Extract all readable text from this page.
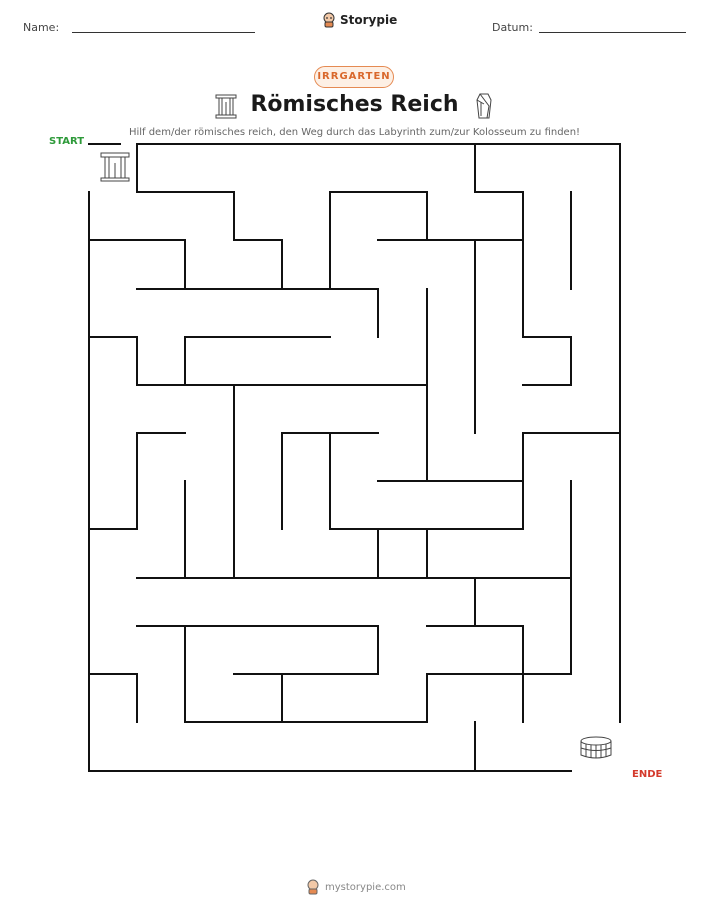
Name:
Storypie
Datum:
IRRGARTEN
Römisches Reich
Hilf dem/der römisches reich, den Weg durch das Labyrinth zum/zur Kolosseum zu finden!
START
ENDE
mystorypie.com
